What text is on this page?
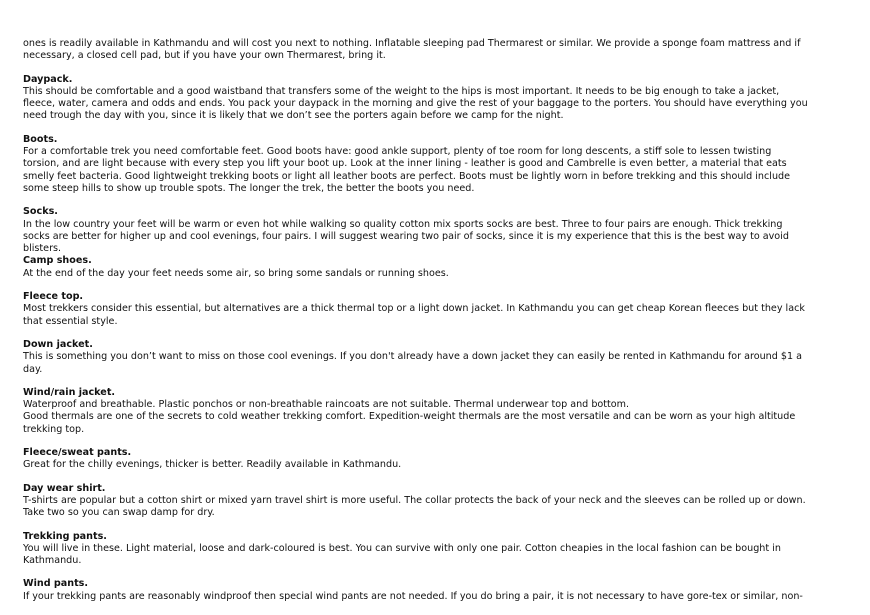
ones is readily available in Kathmandu and will cost you next to nothing. Inflatable sleeping pad Thermarest or similar. We provide a sponge foam mattress and if necessary, a closed cell pad, but if you have your own Thermarest, bring it.

Daypack.

This should be comfortable and a good waistband that transfers some of the weight to the hips is most important. It needs to be big enough to take a jacket, fleece, water, camera and odds and ends. You pack your daypack in the morning and give the rest of your baggage to the porters. You should have everything you need trough the day with you, since it is likely that we don’t see the porters again before we camp for the night.

Boots.

For a comfortable trek you need comfortable feet. Good boots have: good ankle support, plenty of toe room for long descents, a stiff sole to lessen twisting torsion, and are light because with every step you lift your boot up. Look at the inner lining - leather is good and Cambrelle is even better, a material that eats smelly feet bacteria. Good lightweight trekking boots or light all leather boots are perfect. Boots must be lightly worn in before trekking and this should include some steep hills to show up trouble spots. The longer the trek, the better the boots you need.

Socks.

In the low country your feet will be warm or even hot while walking so quality cotton mix sports socks are best. Three to four pairs are enough. Thick trekking socks are better for higher up and cool evenings, four pairs. I will suggest wearing two pair of socks, since it is my experience that this is the best way to avoid blisters.

Camp shoes.

At the end of the day your feet needs some air, so bring some sandals or running shoes.

Fleece top.

Most trekkers consider this essential, but alternatives are a thick thermal top or a light down jacket. In Kathmandu you can get cheap Korean fleeces but they lack that essential style.

Down jacket.

This is something you don’t want to miss on those cool evenings. If you don't already have a down jacket they can easily be rented in Kathmandu for around $1 a day.

Wind/rain jacket.

Waterproof and breathable. Plastic ponchos or non-breathable raincoats are not suitable. Thermal underwear top and bottom.

Good thermals are one of the secrets to cold weather trekking comfort. Expedition-weight thermals are the most versatile and can be worn as your high altitude trekking top.

Fleece/sweat pants.

Great for the chilly evenings, thicker is better. Readily available in Kathmandu.

Day wear shirt.

T-shirts are popular but a cotton shirt or mixed yarn travel shirt is more useful. The collar protects the back of your neck and the sleeves can be rolled up or down. Take two so you can swap damp for dry.

Trekking pants.

You will live in these. Light material, loose and dark-coloured is best. You can survive with only one pair. Cotton cheapies in the local fashion can be bought in Kathmandu.

Wind pants.

If your trekking pants are reasonably windproof then special wind pants are not needed. If you do bring a pair, it is not necessary to have gore-tex or similar, non-
